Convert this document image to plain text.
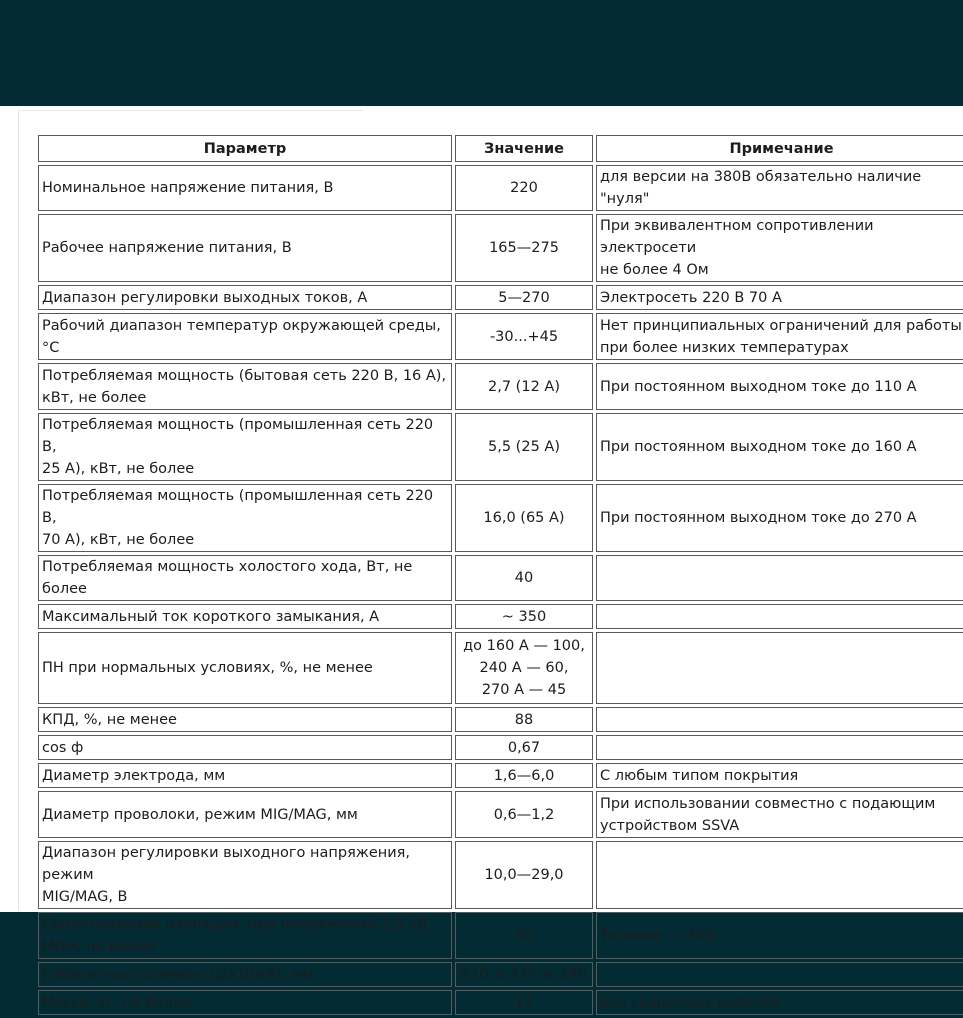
Параметр	Значение	Примечание
Номинальное напряжение питания, В	220	для версии на 380В обязательно наличие "нуля"
Рабочее напряжение питания, В	165—275	При эквивалентном сопротивлении электросети
не более 4 Ом
Диапазон регулировки выходных токов, А	5—270	Электросеть 220 В 70 А
Рабочий диапазон температур окружающей среды, °С	-30...+45	Нет принципиальных ограничений для работы
при более низких температурах
Потребляемая мощность (бытовая сеть 220 В, 16 А),
кВт, не более	2,7 (12 А)	При постоянном выходном токе до 110 А
Потребляемая мощность (промышленная сеть 220 В,
25 А), кВт, не более	5,5 (25 А)	При постоянном выходном токе до 160 А
Потребляемая мощность (промышленная сеть 220 В,
70 А), кВт, не более	16,0 (65 А)	При постоянном выходном токе до 270 А
Потребляемая мощность холостого хода, Вт, не более	40	
Максимальный ток короткого замыкания, А	~ 350	
ПН при нормальных условиях, %, не менее	до 160 А — 100,
240 А — 60,
270 А — 45	
КПД, %, не менее	88	
cos ф	0,67	
Диаметр электрода, мм	1,6—6,0	С любым типом покрытия
Диаметр проволоки, режим MIG/MAG, мм	0,6—1,2	При использовании совместно с подающим
устройством SSVA
Диапазон регулировки выходного напряжения, режим
MIG/MAG, В	10,0—29,0	
Сопротивление изоляции, при напряжении 2,5 кВ,
МОм, не менее	50	Типовое — 300
Габаритные размеры (Д×Ш×В), мм	510 × 175 × 240	
Масса, кг, не более	12	Без сварочных кабелей
